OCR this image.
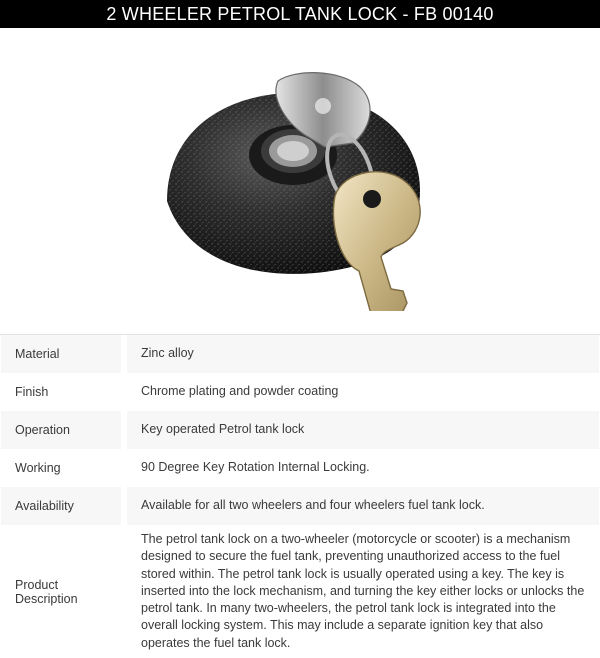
2 WHEELER PETROL TANK LOCK - FB 00140
Material	Zinc alloy
Finish	Chrome plating and powder coating
Operation	Key operated Petrol tank lock
Working	90 Degree Key Rotation Internal Locking.
Availability	Available for all two wheelers and four wheelers fuel tank lock.
Product Description	The petrol tank lock on a two-wheeler (motorcycle or scooter) is a mechanism designed to secure the fuel tank, preventing unauthorized access to the fuel stored within. The petrol tank lock is usually operated using a key. The key is inserted into the lock mechanism, and turning the key either locks or unlocks the petrol tank. In many two-wheelers, the petrol tank lock is integrated into the overall locking system. This may include a separate ignition key that also operates the fuel tank lock.
